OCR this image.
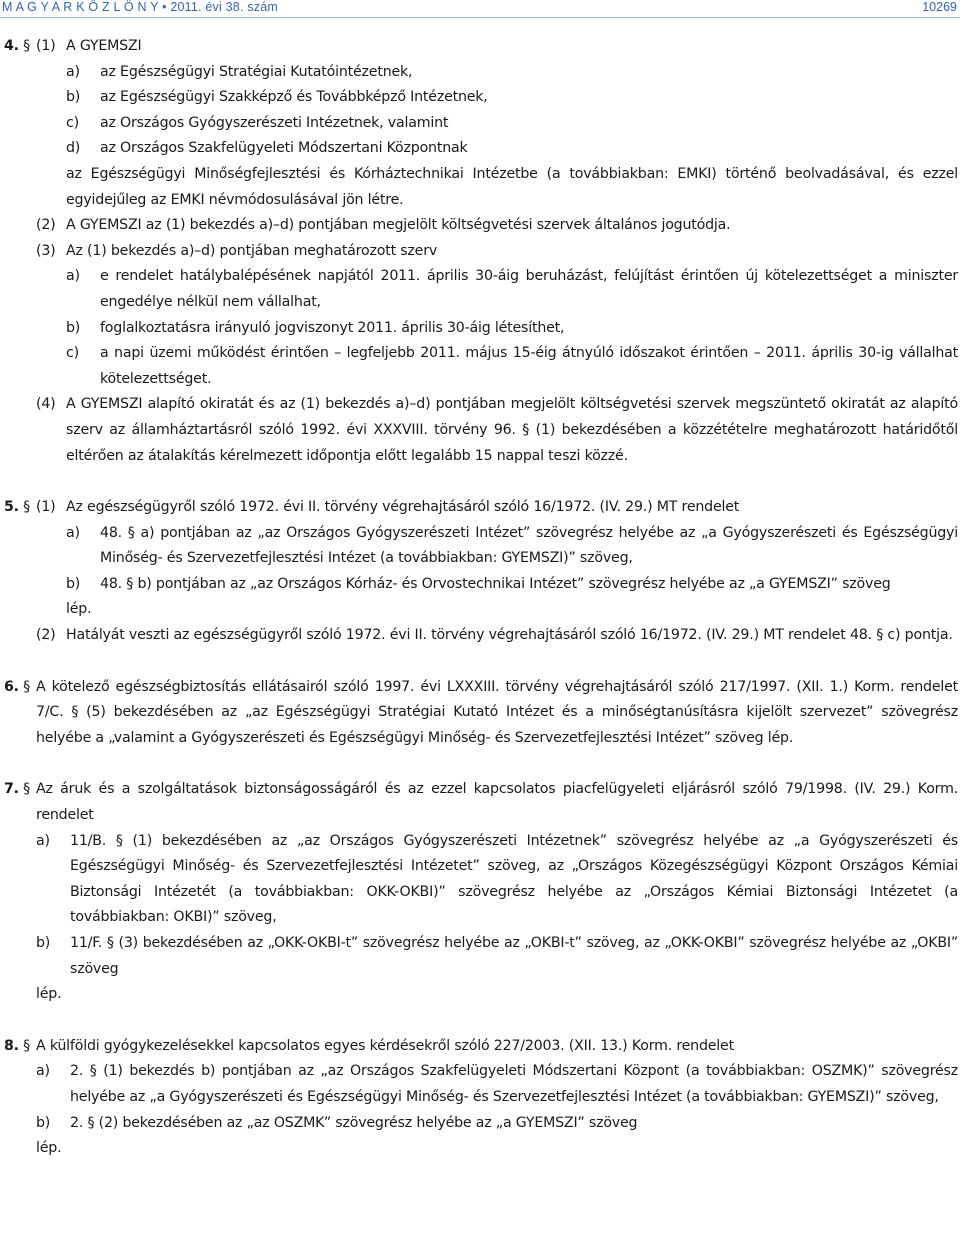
M A G Y A R K Ö Z L Ö N Y • 2011. évi 38. szám	10269
4. § (1) A GYEMSZI
a)	az Egészségügyi Stratégiai Kutatóintézetnek,
b)	az Egészségügyi Szakképző és Továbbképző Intézetnek,
c)	az Országos Gyógyszerészeti Intézetnek, valamint
d)	az Országos Szakfelügyeleti Módszertani Központnak
az Egészségügyi Minőségfejlesztési és Kórháztechnikai Intézetbe (a továbbiakban: EMKI) történő beolvadásával, és ezzel egyidejűleg az EMKI névmódosulásával jön létre.
(2) A GYEMSZI az (1) bekezdés a)–d) pontjában megjelölt költségvetési szervek általános jogutódja.
(3) Az (1) bekezdés a)–d) pontjában meghatározott szerv
a)	e rendelet hatálybalépésének napjától 2011. április 30-áig beruházást, felújítást érintően új kötelezettséget a miniszter engedélye nélkül nem vállalhat,
b)	foglalkoztatásra irányuló jogviszonyt 2011. április 30-áig létesíthet,
c)	a napi üzemi működést érintően – legfeljebb 2011. május 15-éig átnyúló időszakot érintően – 2011. április 30-ig vállalhat kötelezettséget.
(4) A GYEMSZI alapító okiratát és az (1) bekezdés a)–d) pontjában megjelölt költségvetési szervek megszüntető okiratát az alapító szerv az államháztartásról szóló 1992. évi XXXVIII. törvény 96. § (1) bekezdésében a közzétételre meghatározott határidőtől eltérően az átalakítás kérelmezett időpontja előtt legalább 15 nappal teszi közzé.
5. § (1) Az egészségügyről szóló 1972. évi II. törvény végrehajtásáról szóló 16/1972. (IV. 29.) MT rendelet
a)	48. § a) pontjában az „az Országos Gyógyszerészeti Intézet” szövegrész helyébe az „a Gyógyszerészeti és Egészségügyi Minőség- és Szervezetfejlesztési Intézet (a továbbiakban: GYEMSZI)” szöveg,
b)	48. § b) pontjában az „az Országos Kórház- és Orvostechnikai Intézet” szövegrész helyébe az „a GYEMSZI” szöveg
lép.
(2) Hatályát veszti az egészségügyről szóló 1972. évi II. törvény végrehajtásáról szóló 16/1972. (IV. 29.) MT rendelet 48. § c) pontja.
6. § A kötelező egészségbiztosítás ellátásairól szóló 1997. évi LXXXIII. törvény végrehajtásáról szóló 217/1997. (XII. 1.) Korm. rendelet 7/C. § (5) bekezdésében az „az Egészségügyi Stratégiai Kutató Intézet és a minőségtanúsításra kijelölt szervezet” szövegrész helyébe a „valamint a Gyógyszerészeti és Egészségügyi Minőség- és Szervezetfejlesztési Intézet” szöveg lép.
7. § Az áruk és a szolgáltatások biztonságosságáról és az ezzel kapcsolatos piacfelügyeleti eljárásról szóló 79/1998. (IV. 29.) Korm. rendelet
a)	11/B. § (1) bekezdésében az „az Országos Gyógyszerészeti Intézetnek” szövegrész helyébe az „a Gyógyszerészeti és Egészségügyi Minőség- és Szervezetfejlesztési Intézetet” szöveg, az „Országos Közegészségügyi Központ Országos Kémiai Biztonsági Intézetét (a továbbiakban: OKK-OKBI)” szövegrész helyébe az „Országos Kémiai Biztonsági Intézetet (a továbbiakban: OKBI)” szöveg,
b)	11/F. § (3) bekezdésében az „OKK-OKBI-t” szövegrész helyébe az „OKBI-t” szöveg, az „OKK-OKBI” szövegrész helyébe az „OKBI” szöveg
lép.
8. § A külföldi gyógykezelésekkel kapcsolatos egyes kérdésekről szóló 227/2003. (XII. 13.) Korm. rendelet
a)	2. § (1) bekezdés b) pontjában az „az Országos Szakfelügyeleti Módszertani Központ (a továbbiakban: OSZMK)” szövegrész helyébe az „a Gyógyszerészeti és Egészségügyi Minőség- és Szervezetfejlesztési Intézet (a továbbiakban: GYEMSZI)” szöveg,
b)	2. § (2) bekezdésében az „az OSZMK” szövegrész helyébe az „a GYEMSZI” szöveg
lép.
